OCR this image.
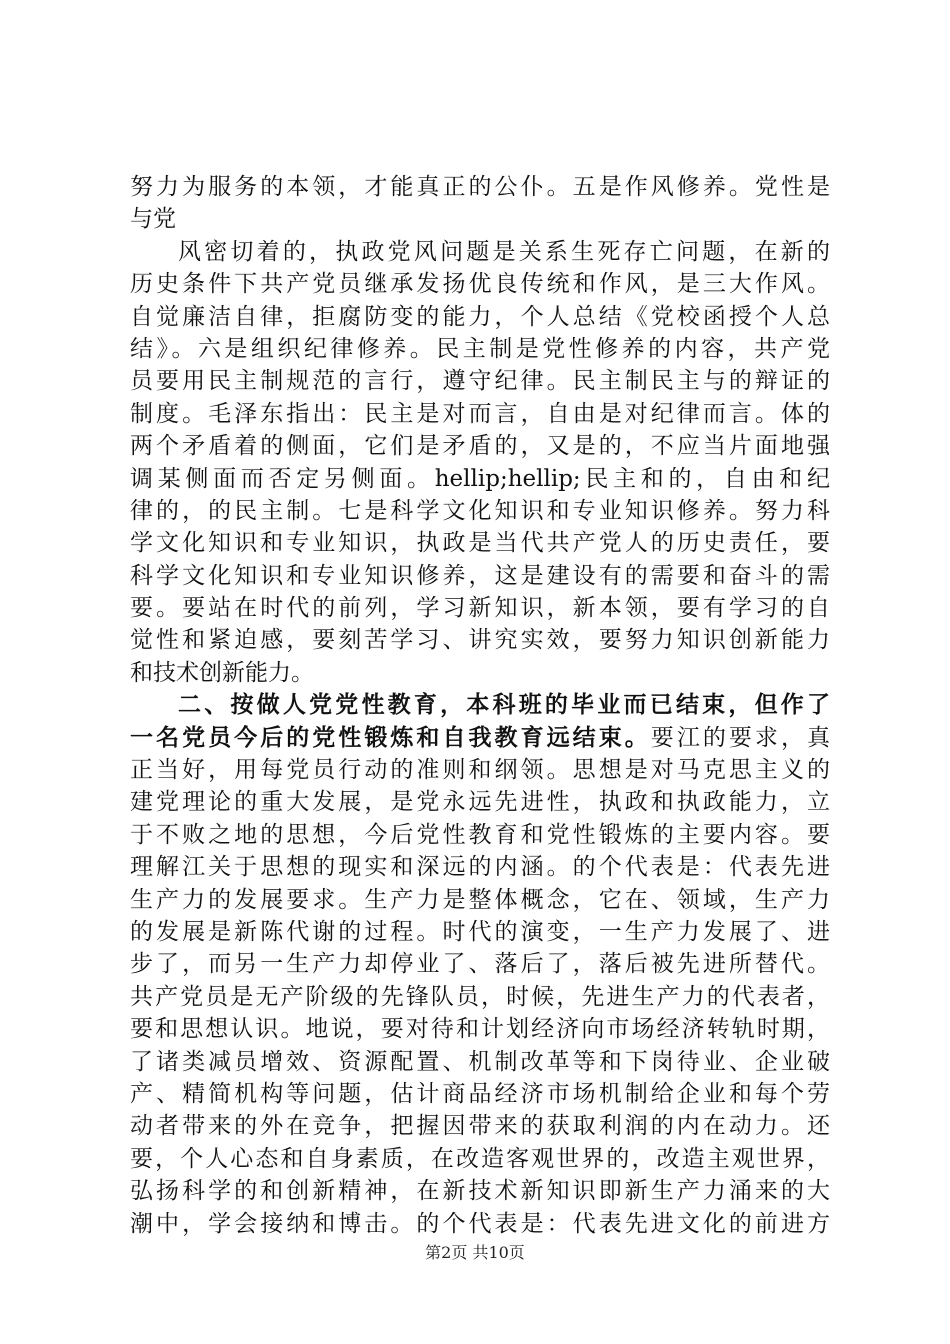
努力为服务的本领，才能真正的公仆。五是作风修养。党性是
与党
风密切着的，执政党风问题是关系生死存亡问题，在新的
历史条件下共产党员继承发扬优良传统和作风，是三大作风。
自觉廉洁自律，拒腐防变的能力，个人总结《党校函授个人总
结》。六是组织纪律修养。民主制是党性修养的内容，共产党
员要用民主制规范的言行，遵守纪律。民主制民主与的辩证的
制度。毛泽东指出：民主是对而言，自由是对纪律而言。体的
两个矛盾着的侧面，它们是矛盾的，又是的，不应当片面地强
调某侧面而否定另侧面。hellip;hellip;民主和的，自由和纪
律的，的民主制。七是科学文化知识和专业知识修养。努力科
学文化知识和专业知识，执政是当代共产党人的历史责任，要
科学文化知识和专业知识修养，这是建设有的需要和奋斗的需
要。要站在时代的前列，学习新知识，新本领，要有学习的自
觉性和紧迫感，要刻苦学习、讲究实效，要努力知识创新能力
和技术创新能力。
二、按做人党党性教育，本科班的毕业而已结束，但作了
一名党员今后的党性锻炼和自我教育远结束。要江的要求，真
正当好，用每党员行动的准则和纲领。思想是对马克思主义的
建党理论的重大发展，是党永远先进性，执政和执政能力，立
于不败之地的思想，今后党性教育和党性锻炼的主要内容。要
理解江关于思想的现实和深远的内涵。的个代表是：代表先进
生产力的发展要求。生产力是整体概念，它在、领域，生产力
的发展是新陈代谢的过程。时代的演变，一生产力发展了、进
步了，而另一生产力却停业了、落后了，落后被先进所替代。
共产党员是无产阶级的先锋队员，时候，先进生产力的代表者，
要和思想认识。地说，要对待和计划经济向市场经济转轨时期，
了诸类减员增效、资源配置、机制改革等和下岗待业、企业破
产、精简机构等问题，估计商品经济市场机制给企业和每个劳
动者带来的外在竞争，把握因带来的获取利润的内在动力。还
要，个人心态和自身素质，在改造客观世界的，改造主观世界，
弘扬科学的和创新精神，在新技术新知识即新生产力涌来的大
潮中，学会接纳和博击。的个代表是：代表先进文化的前进方
第2页 共10页
